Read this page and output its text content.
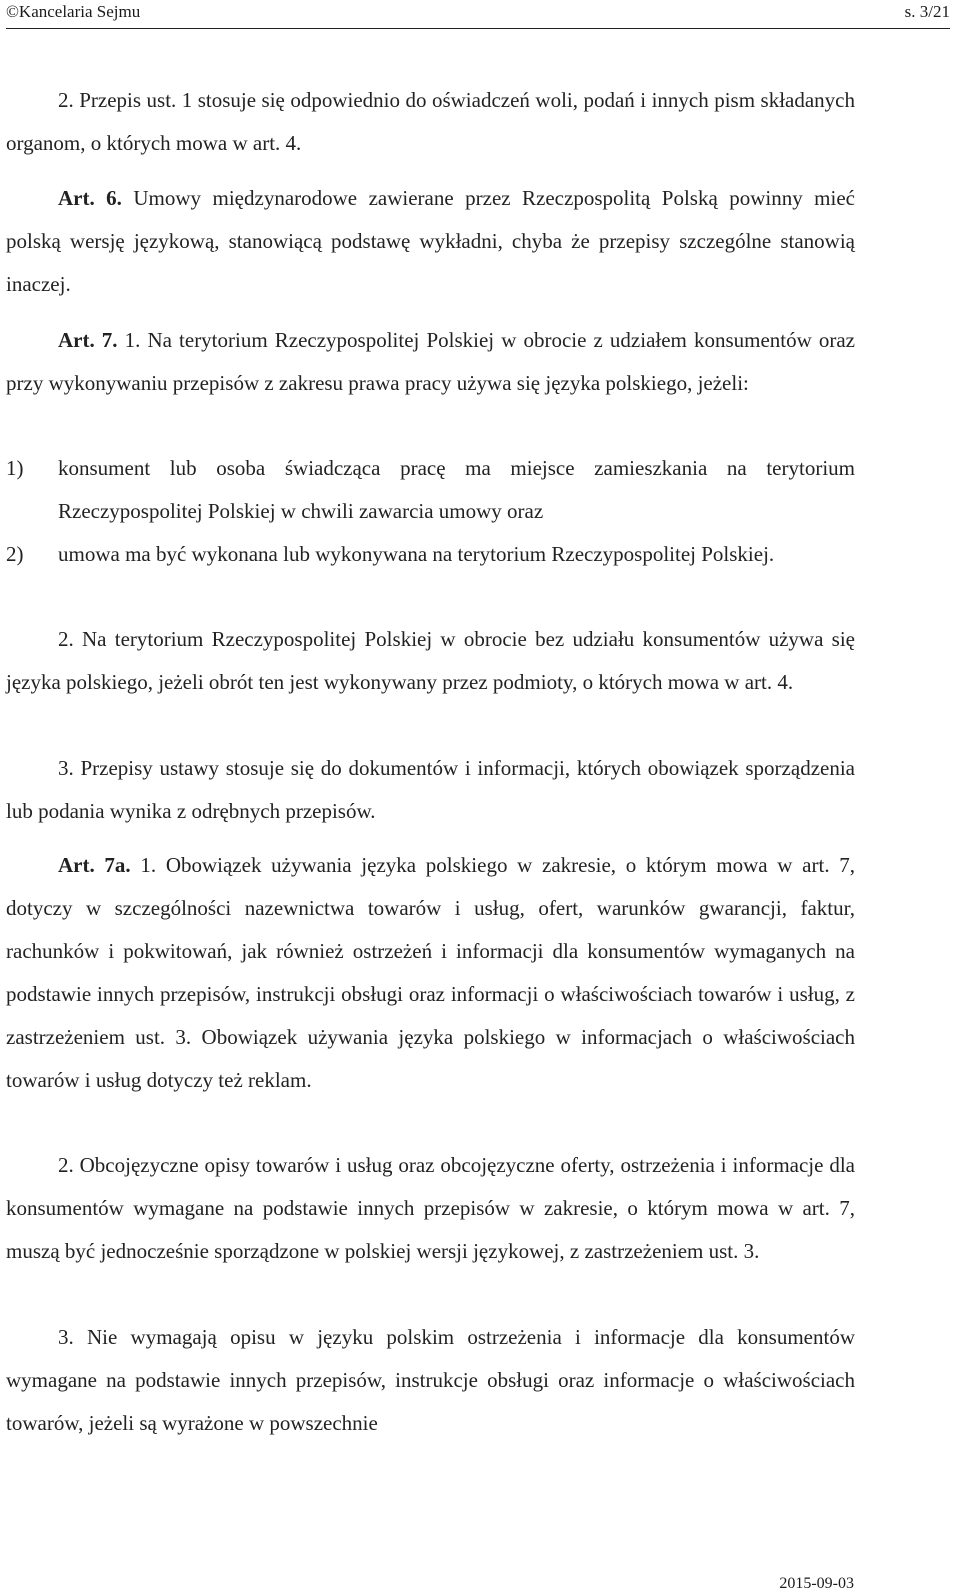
©Kancelaria Sejmu	s. 3/21

2. Przepis ust. 1 stosuje się odpowiednio do oświadczeń woli, podań i innych pism składanych organom, o których mowa w art. 4.

Art. 6. Umowy międzynarodowe zawierane przez Rzeczpospolitą Polską powinny mieć polską wersję językową, stanowiącą podstawę wykładni, chyba że przepisy szczególne stanowią inaczej.

Art. 7. 1. Na terytorium Rzeczypospolitej Polskiej w obrocie z udziałem konsumentów oraz przy wykonywaniu przepisów z zakresu prawa pracy używa się języka polskiego, jeżeli:

1) konsument lub osoba świadcząca pracę ma miejsce zamieszkania na terytorium Rzeczypospolitej Polskiej w chwili zawarcia umowy oraz
2) umowa ma być wykonana lub wykonywana na terytorium Rzeczypospolitej Polskiej.

2. Na terytorium Rzeczypospolitej Polskiej w obrocie bez udziału konsumentów używa się języka polskiego, jeżeli obrót ten jest wykonywany przez podmioty, o których mowa w art. 4.

3. Przepisy ustawy stosuje się do dokumentów i informacji, których obowiązek sporządzenia lub podania wynika z odrębnych przepisów.

Art. 7a. 1. Obowiązek używania języka polskiego w zakresie, o którym mowa w art. 7, dotyczy w szczególności nazewnictwa towarów i usług, ofert, warunków gwarancji, faktur, rachunków i pokwitowań, jak również ostrzeżeń i informacji dla konsumentów wymaganych na podstawie innych przepisów, instrukcji obsługi oraz informacji o właściwościach towarów i usług, z zastrzeżeniem ust. 3. Obowiązek używania języka polskiego w informacjach o właściwościach towarów i usług dotyczy też reklam.

2. Obcojęzyczne opisy towarów i usług oraz obcojęzyczne oferty, ostrzeżenia i informacje dla konsumentów wymagane na podstawie innych przepisów w zakresie, o którym mowa w art. 7, muszą być jednocześnie sporządzone w polskiej wersji językowej, z zastrzeżeniem ust. 3.

3. Nie wymagają opisu w języku polskim ostrzeżenia i informacje dla konsumentów wymagane na podstawie innych przepisów, instrukcje obsługi oraz informacje o właściwościach towarów, jeżeli są wyrażone w powszechnie

2015-09-03
